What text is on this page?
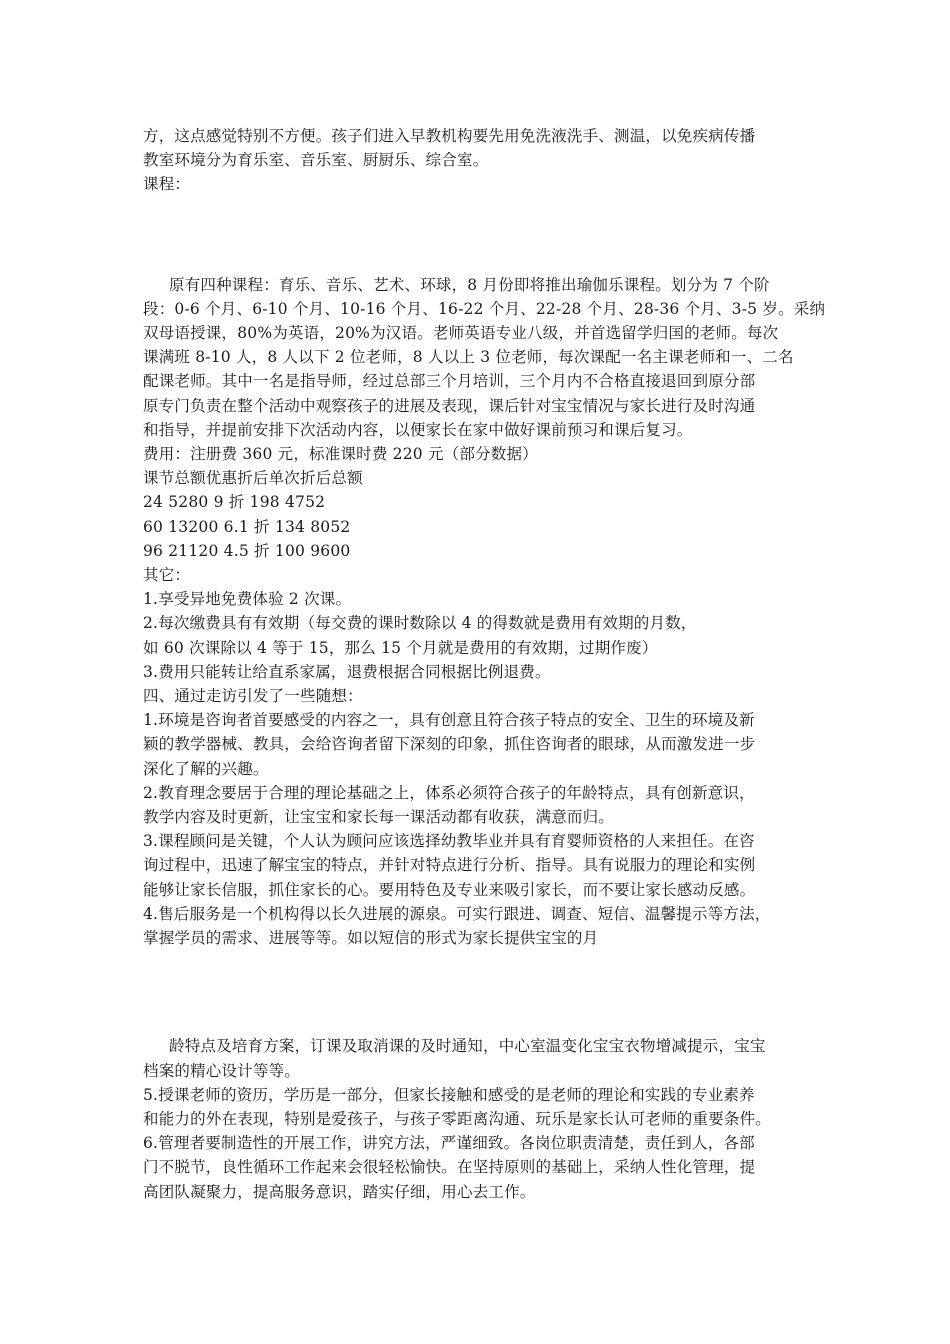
方，这点感觉特别不方便。孩子们进入早教机构要先用免洗液洗手、测温，以免疾病传播
教室环境分为育乐室、音乐室、厨厨乐、综合室。
课程：
原有四种课程：育乐、音乐、艺术、环球，8 月份即将推出瑜伽乐课程。划分为 7 个阶
段：0-6 个月、6-10 个月、10-16 个月、16-22 个月、22-28 个月、28-36 个月、3-5 岁。采纳
双母语授课，80%为英语，20%为汉语。老师英语专业八级，并首选留学归国的老师。每次
课满班 8-10 人，8 人以下 2 位老师，8 人以上 3 位老师，每次课配一名主课老师和一、二名
配课老师。其中一名是指导师，经过总部三个月培训，三个月内不合格直接退回到原分部
原专门负责在整个活动中观察孩子的进展及表现，课后针对宝宝情况与家长进行及时沟通
和指导，并提前安排下次活动内容，以便家长在家中做好课前预习和课后复习。
费用：注册费 360 元，标准课时费 220 元（部分数据）
课节总额优惠折后单次折后总额
24 5280 9 折 198 4752
60 13200 6.1 折 134 8052
96 21120 4.5 折 100 9600
其它：
1.享受异地免费体验 2 次课。
2.每次缴费具有有效期（每交费的课时数除以 4 的得数就是费用有效期的月数，
如 60 次课除以 4 等于 15，那么 15 个月就是费用的有效期，过期作废）
3.费用只能转让给直系家属，退费根据合同根据比例退费。
四、通过走访引发了一些随想：
1.环境是咨询者首要感受的内容之一，具有创意且符合孩子特点的安全、卫生的环境及新
颖的教学器械、教具，会给咨询者留下深刻的印象，抓住咨询者的眼球，从而激发进一步
深化了解的兴趣。
2.教育理念要居于合理的理论基础之上，体系必须符合孩子的年龄特点，具有创新意识，
教学内容及时更新，让宝宝和家长每一课活动都有收获，满意而归。
3.课程顾问是关键，个人认为顾问应该选择幼教毕业并具有育婴师资格的人来担任。在咨
询过程中，迅速了解宝宝的特点，并针对特点进行分析、指导。具有说服力的理论和实例
能够让家长信服，抓住家长的心。要用特色及专业来吸引家长，而不要让家长感动反感。
4.售后服务是一个机构得以长久进展的源泉。可实行跟进、调查、短信、温馨提示等方法，
掌握学员的需求、进展等等。如以短信的形式为家长提供宝宝的月
龄特点及培育方案，订课及取消课的及时通知，中心室温变化宝宝衣物增减提示，宝宝
档案的精心设计等等。
5.授课老师的资历，学历是一部分，但家长接触和感受的是老师的理论和实践的专业素养
和能力的外在表现，特别是爱孩子，与孩子零距离沟通、玩乐是家长认可老师的重要条件。
6.管理者要制造性的开展工作，讲究方法，严谨细致。各岗位职责清楚，责任到人，各部
门不脱节，良性循环工作起来会很轻松愉快。在坚持原则的基础上，采纳人性化管理，提
高团队凝聚力，提高服务意识，踏实仔细，用心去工作。
